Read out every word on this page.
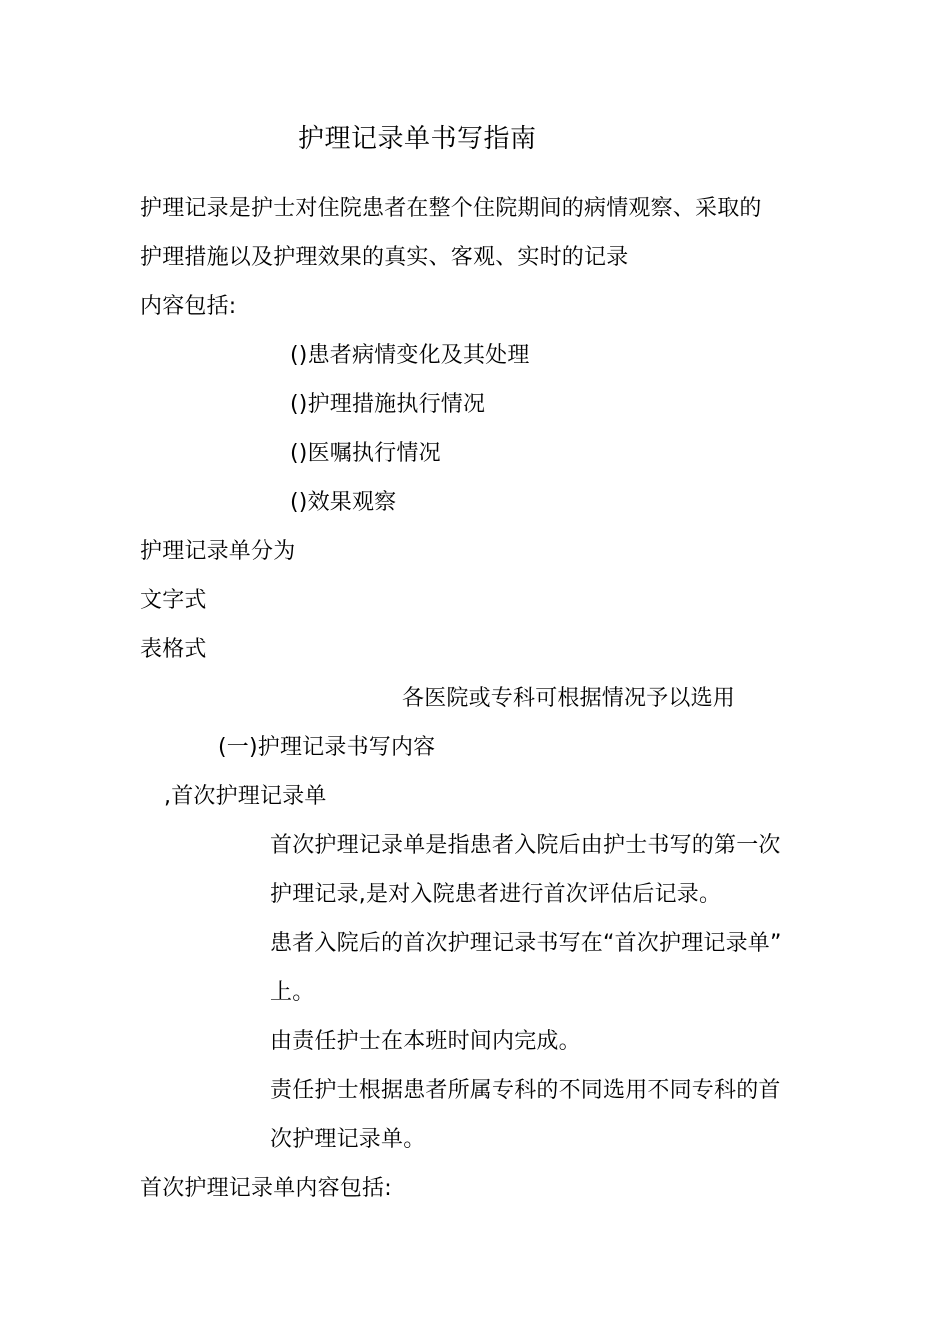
护理记录单书写指南
护理记录是护士对住院患者在整个住院期间的病情观察、采取的
护理措施以及护理效果的真实、客观、实时的记录
内容包括:
()患者病情变化及其处理
()护理措施执行情况
()医嘱执行情况
()效果观察
护理记录单分为
文字式
表格式
各医院或专科可根据情况予以选用
(一)护理记录书写内容
,首次护理记录单
首次护理记录单是指患者入院后由护士书写的第一次
护理记录,是对入院患者进行首次评估后记录。
患者入院后的首次护理记录书写在“首次护理记录单”
上。
由责任护士在本班时间内完成。
责任护士根据患者所属专科的不同选用不同专科的首
次护理记录单。
首次护理记录单内容包括:
